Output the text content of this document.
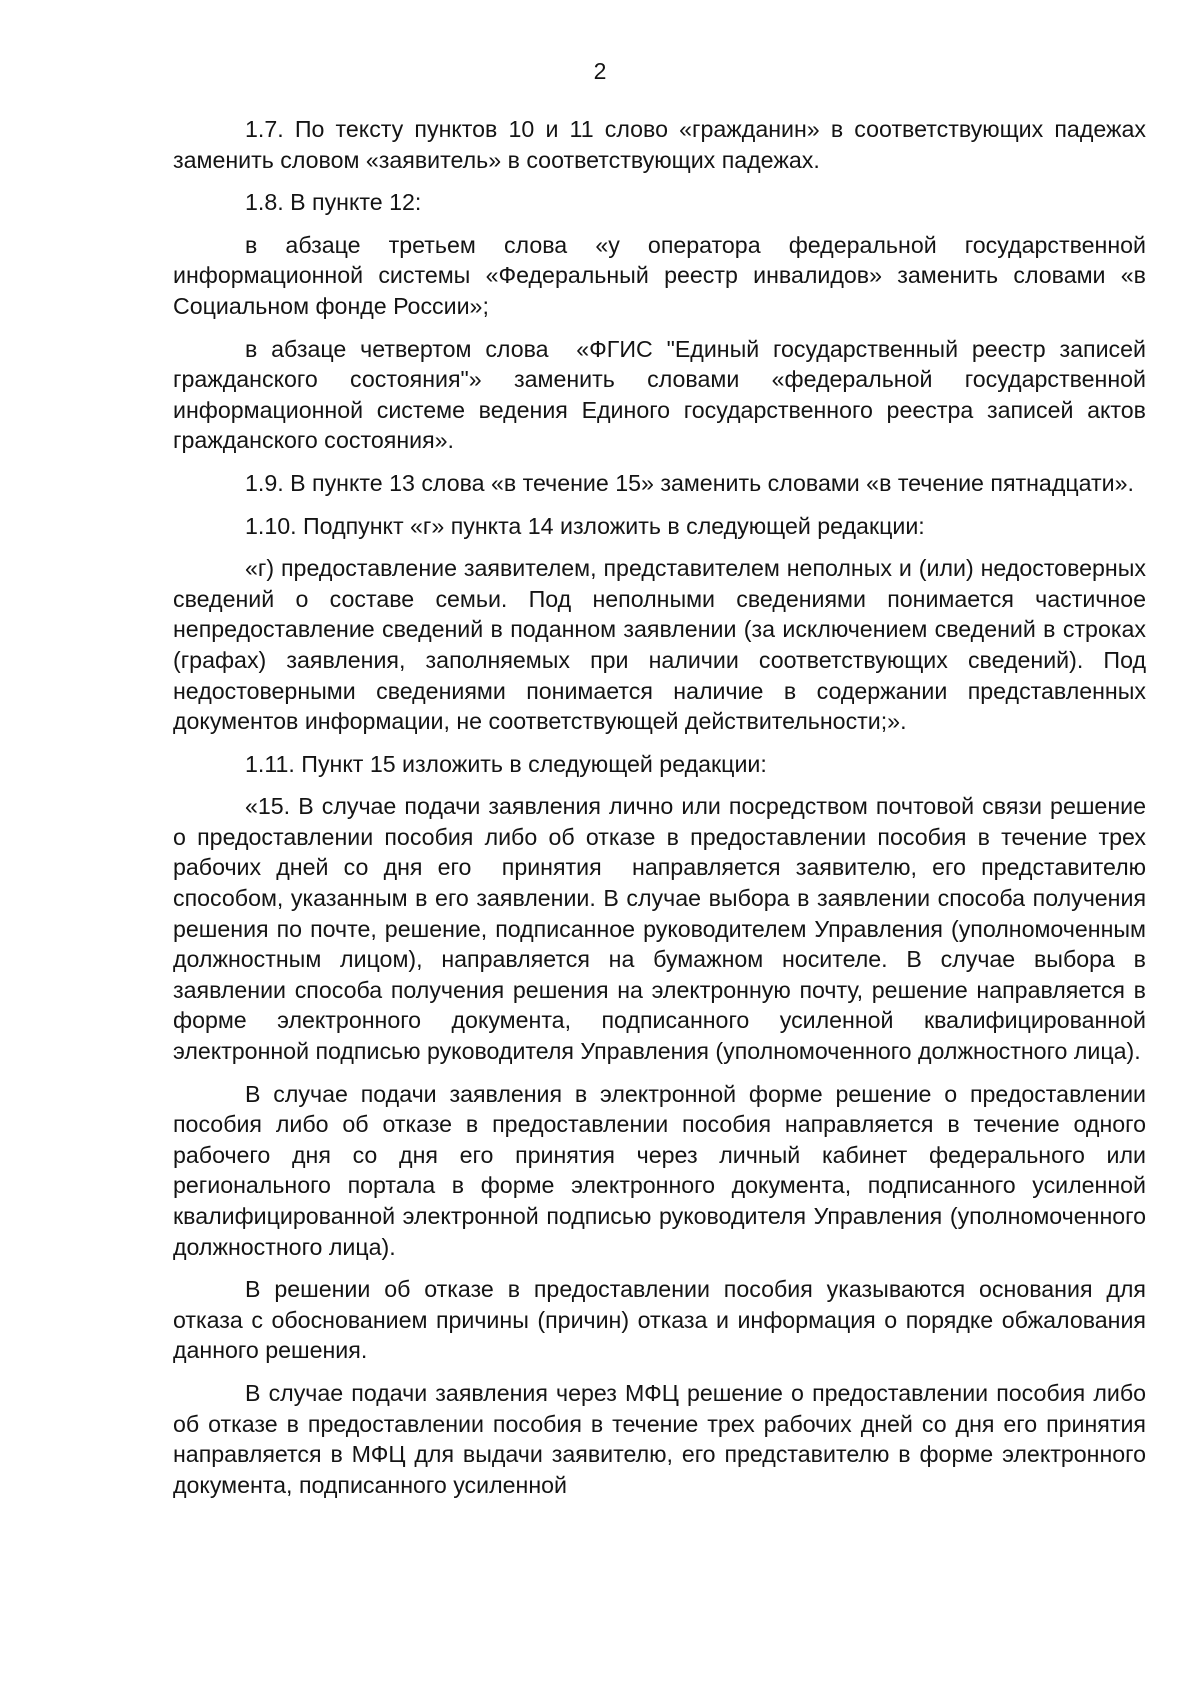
2

1.7. По тексту пунктов 10 и 11 слово «гражданин» в соответствующих падежах заменить словом «заявитель» в соответствующих падежах.

1.8. В пункте 12:

в абзаце третьем слова «у оператора федеральной государственной информационной системы «Федеральный реестр инвалидов» заменить словами «в Социальном фонде России»;

в абзаце четвертом слова  «ФГИС "Единый государственный реестр записей гражданского состояния"» заменить словами «федеральной государственной информационной системе ведения Единого государственного реестра записей актов гражданского состояния».

1.9. В пункте 13 слова «в течение 15» заменить словами «в течение пятнадцати».

1.10. Подпункт «г» пункта 14 изложить в следующей редакции:

«г) предоставление заявителем, представителем неполных и (или) недостоверных сведений о составе семьи. Под неполными сведениями понимается частичное непредоставление сведений в поданном заявлении (за исключением сведений в строках (графах) заявления, заполняемых при наличии соответствующих сведений). Под недостоверными сведениями понимается наличие в содержании представленных документов информации, не соответствующей действительности;».

1.11. Пункт 15 изложить в следующей редакции:

«15. В случае подачи заявления лично или посредством почтовой связи решение о предоставлении пособия либо об отказе в предоставлении пособия в течение трех рабочих дней со дня его  принятия  направляется заявителю, его представителю способом, указанным в его заявлении. В случае выбора в заявлении способа получения решения по почте, решение, подписанное руководителем Управления (уполномоченным должностным лицом), направляется на бумажном носителе. В случае выбора в заявлении способа получения решения на электронную почту, решение направляется в форме электронного документа, подписанного усиленной квалифицированной электронной подписью руководителя Управления (уполномоченного должностного лица).

В случае подачи заявления в электронной форме решение о предоставлении пособия либо об отказе в предоставлении пособия направляется в течение одного рабочего дня со дня его принятия через личный кабинет федерального или регионального портала в форме электронного документа, подписанного усиленной квалифицированной электронной подписью руководителя Управления (уполномоченного должностного лица).

В решении об отказе в предоставлении пособия указываются основания для отказа с обоснованием причины (причин) отказа и информация о порядке обжалования данного решения.

В случае подачи заявления через МФЦ решение о предоставлении пособия либо об отказе в предоставлении пособия в течение трех рабочих дней со дня его принятия направляется в МФЦ для выдачи заявителю, его представителю в форме электронного документа, подписанного усиленной
